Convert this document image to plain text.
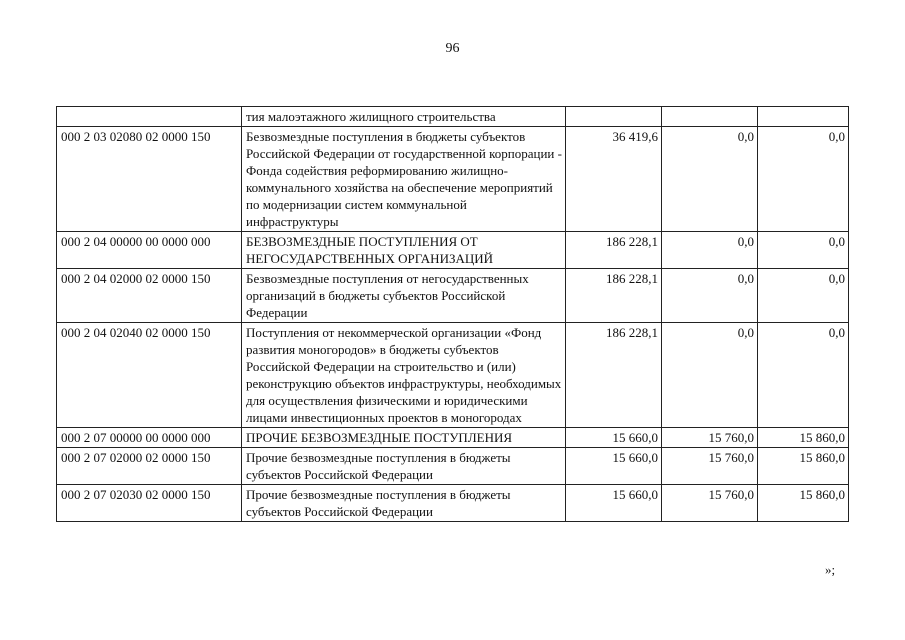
96
	тия малоэтажного жилищного строительства			
000 2 03 02080 02 0000 150	Безвозмездные поступления в бюджеты субъектов Российской Федерации от государственной корпорации - Фонда содействия реформированию жилищно-коммунального хозяйства на обеспечение мероприятий по модернизации систем коммунальной инфраструктуры	36 419,6	0,0	0,0
000 2 04 00000 00 0000 000	БЕЗВОЗМЕЗДНЫЕ ПОСТУПЛЕНИЯ ОТ НЕГОСУДАРСТВЕННЫХ ОРГАНИЗАЦИЙ	186 228,1	0,0	0,0
000 2 04 02000 02 0000 150	Безвозмездные поступления от негосударственных организаций в бюджеты субъектов Российской Федерации	186 228,1	0,0	0,0
000 2 04 02040 02 0000 150	Поступления от некоммерческой организации «Фонд развития моногородов» в бюджеты субъектов Российской Федерации на строительство и (или) реконструкцию объектов инфраструктуры, необходимых для осуществления физическими и юридическими лицами инвестиционных проектов в моногородах	186 228,1	0,0	0,0
000 2 07 00000 00 0000 000	ПРОЧИЕ БЕЗВОЗМЕЗДНЫЕ ПОСТУПЛЕНИЯ	15 660,0	15 760,0	15 860,0
000 2 07 02000 02 0000 150	Прочие безвозмездные поступления в бюджеты субъектов Российской Федерации	15 660,0	15 760,0	15 860,0
000 2 07 02030 02 0000 150	Прочие безвозмездные поступления в бюджеты субъектов Российской Федерации	15 660,0	15 760,0	15 860,0
»;
